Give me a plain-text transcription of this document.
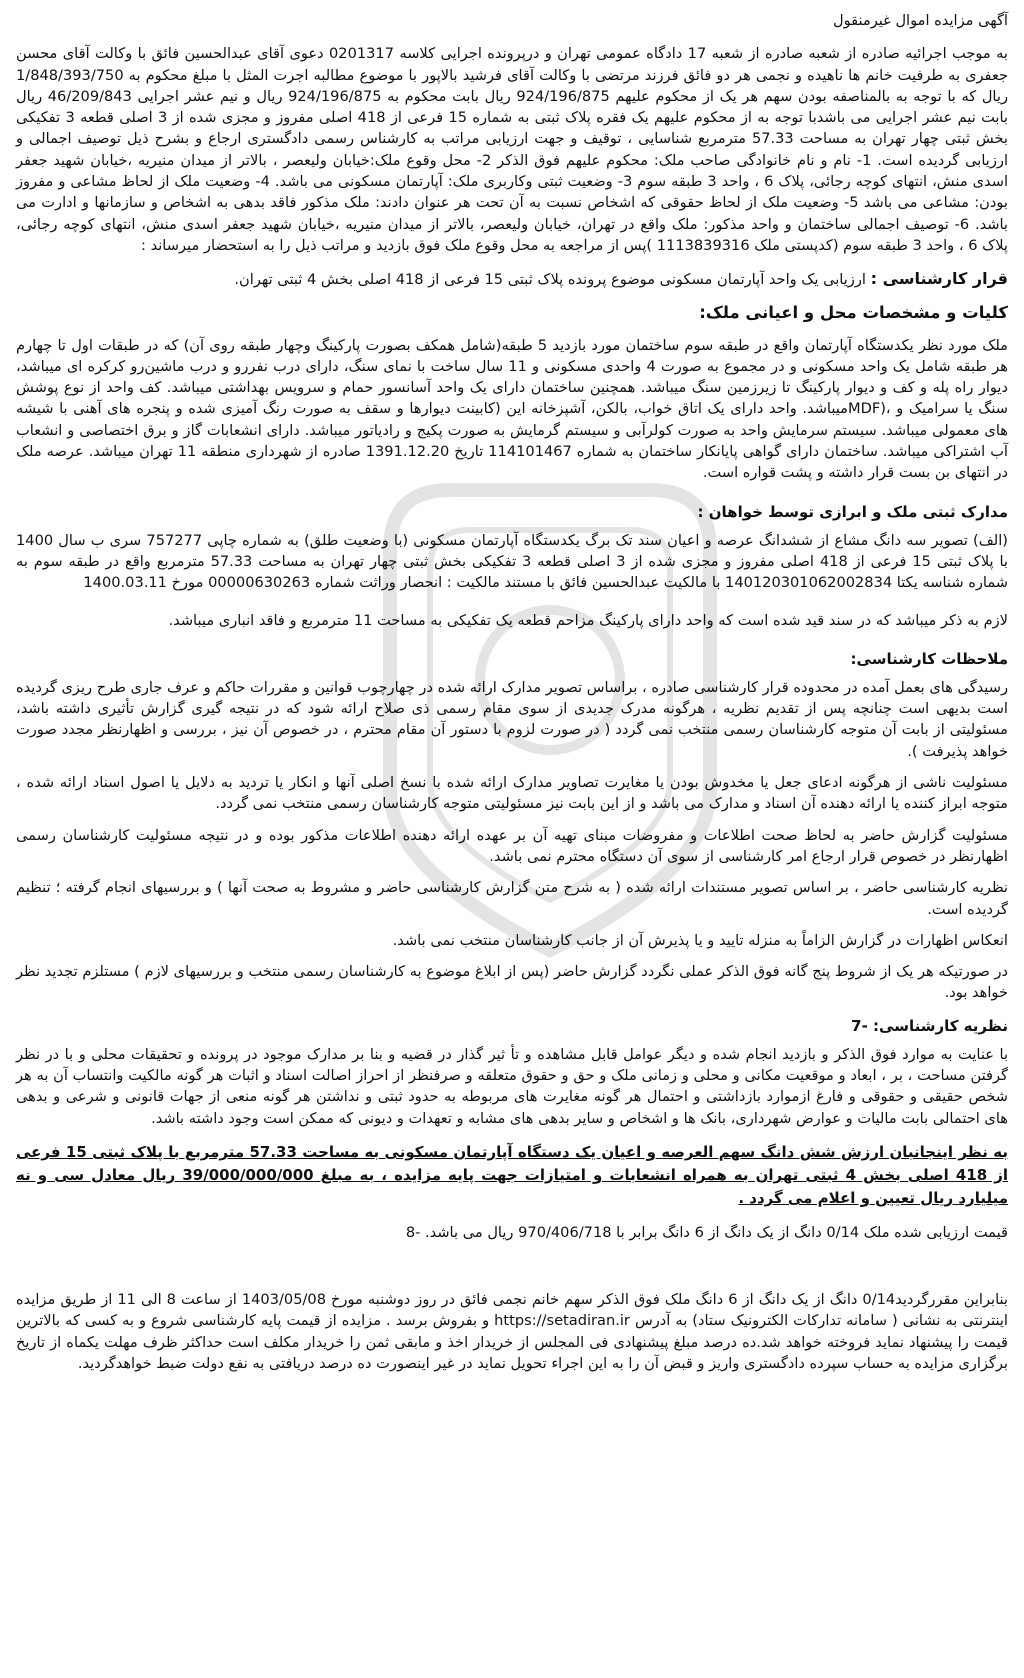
آگهی مزایده اموال غیرمنقول

به موجب اجرائیه صادره از شعبه صادره از شعبه 17 دادگاه عمومی تهران و درپرونده اجرایی کلاسه 0201317 دعوی آقای عبدالحسین فائق با وکالت آقای محسن جعفری به طرفیت خانم ها ناهیده و نجمی هر دو فائق فرزند مرتضی با وکالت آقای فرشید بالاپور با موضوع مطالبه اجرت المثل با مبلغ محکوم به 1/848/393/750 ریال که با توجه به بالمناصفه بودن سهم هر یک از محکوم علیهم 924/196/875 ریال بابت محکوم به 924/196/875 ریال و نیم عشر اجرایی 46/209/843 ریال بابت نیم عشر اجرایی می باشدبا توجه به از محکوم علیهم یک فقره پلاک ثبتی به شماره 15 فرعی از 418 اصلی مفروز و مجزی شده از 3 اصلی قطعه 3 تفکیکی بخش ثبتی چهار تهران به مساحت 57.33 مترمربع شناسایی ، توقیف و جهت ارزیابی مراتب به کارشناس رسمی دادگستری ارجاع و بشرح ذیل توصیف اجمالی و ارزیابی گردیده است. 1- نام و نام خانوادگی صاحب ملک: محکوم علیهم فوق الذکر 2- محل وقوع ملک:خیابان ولیعصر ، بالاتر از میدان منیریه ،خیابان شهید جعفر اسدی منش، انتهای کوچه رجائی، پلاک 6 ، واحد 3 طبقه سوم 3- وضعیت ثبتی وکاربری ملک: آپارتمان مسکونی می باشد. 4- وضعیت ملک از لحاظ مشاعی و مفروز بودن: مشاعی می باشد 5- وضعیت ملک از لحاظ حقوقی که اشخاص نسبت به آن تحت هر عنوان دادند: ملک مذکور فاقد بدهی به اشخاص و سازمانها و ادارت می باشد. 6- توصیف اجمالی ساختمان و واحد مذکور: ملک واقع در تهران، خیابان ولیعصر، بالاتر از میدان منیریه ،خیابان شهید جعفر اسدی منش، انتهای کوچه رجائی، پلاک 6 ، واحد 3 طبقه سوم (کدپستی ملک 1113839316 )پس از مراجعه به محل وقوع ملک فوق بازدید و مراتب ذیل را به استحضار میرساند :

قرار کارشناسی : ارزیابی یک واحد آپارتمان مسکونی موضوع پرونده پلاک ثبتی 15 فرعی از 418 اصلی بخش 4 ثبتی تهران.

کلیات و مشخصات محل و اعیانی ملک:

ملک مورد نظر یکدستگاه آپارتمان واقع در طبقه سوم ساختمان مورد بازدید 5 طبقه(شامل همکف بصورت پارکینگ وچهار طبقه روی آن) که در طبقات اول تا چهارم هر طبقه شامل یک واحد مسکونی و در مجموع به صورت 4 واحدی مسکونی و 11 سال ساخت با نمای سنگ، دارای درب نفررو و درب ماشین‌رو کرکره ای میباشد، دیوار راه پله و کف و دیوار پارکینگ تا زیرزمین سنگ میباشد. همچنین ساختمان دارای یک واحد آسانسور حمام و سرویس بهداشتی میباشد. کف واحد از نوع پوشش سنگ یا سرامیک و ،(MDFمیباشد. واحد دارای یک اتاق خواب، بالکن، آشپزخانه این (کابینت دیوارها و سقف به صورت رنگ آمیزی شده و پنجره های آهنی با شیشه های معمولی میباشد. سیستم سرمایش واحد به صورت کولرآبی و سیستم گرمایش به صورت پکیج و رادیاتور میباشد. دارای انشعابات گاز و برق اختصاصی و انشعاب آب اشتراکی میباشد. ساختمان دارای گواهی پایانکار ساختمان به شماره 114101467 تاریخ 1391.12.20 صادره از شهرداری منطقه 11 تهران میباشد. عرصه ملک در انتهای بن بست قرار داشته و پشت قواره است.

مدارک ثبتی ملک و ابرازی توسط خواهان :

(الف) تصویر سه دانگ مشاع از ششدانگ عرصه و اعیان سند تک برگ یکدستگاه آپارتمان مسکونی (با وضعیت طلق) به شماره چاپی 757277 سری ب سال 1400 با پلاک ثبتی 15 فرعی از 418 اصلی مفروز و مجزی شده از 3 اصلی قطعه 3 تفکیکی بخش ثبتی چهار تهران به مساحت 57.33 مترمربع واقع در طبقه سوم به شماره شناسه یکتا 140120301062002834 با مالکیت عبدالحسین فائق با مستند مالکیت : انحصار وراثت شماره 00000630263 مورخ 1400.03.11

لازم به ذکر میباشد که در سند قید شده است که واحد دارای پارکینگ مزاحم قطعه یک تفکیکی به مساحت 11 مترمربع و فاقد انباری میباشد.

ملاحظات کارشناسی:

رسیدگی های بعمل آمده در محدوده قرار کارشناسی صادره ، براساس تصویر مدارک ارائه شده در چهارچوب قوانین و مقررات حاکم و عرف جاری طرح ریزی گردیده است بدیهی است چنانچه پس از تقدیم نظریه ، هرگونه مدرک جدیدی از سوی مقام رسمی ذی صلاح ارائه شود که در نتیجه گیری گزارش تأثیری داشته باشد، مسئولیتی از بابت آن متوجه کارشناسان رسمی منتخب نمی گردد ( در صورت لزوم با دستور آن مقام محترم ، در خصوص آن نیز ، بررسی و اظهارنظر مجدد صورت خواهد پذیرفت ).

مسئولیت ناشی از هرگونه ادعای جعل یا مخدوش بودن یا مغایرت تصاویر مدارک ارائه شده با نسخ اصلی آنها و انکار یا تردید به دلایل یا اصول اسناد ارائه شده ، متوجه ابراز کننده یا ارائه دهنده آن اسناد و مدارک می باشد و از این بابت نیز مسئولیتی متوجه کارشناسان رسمی منتخب نمی گردد.

مسئولیت گزارش حاضر به لحاظ صحت اطلاعات و مفروضات مبنای تهیه آن بر عهده ارائه دهنده اطلاعات مذکور بوده و در نتیجه مسئولیت کارشناسان رسمی اظهارنظر در خصوص قرار ارجاع امر کارشناسی از سوی آن دستگاه محترم نمی باشد.

نظریه کارشناسی حاضر ، بر اساس تصویر مستندات ارائه شده ( به شرح متن گزارش کارشناسی حاضر و مشروط به صحت آنها ) و بررسیهای انجام گرفته ؛ تنظیم گردیده است.

انعکاس اظهارات در گزارش الزاماً به منزله تایید و یا پذیرش آن از جانب کارشناسان منتخب نمی باشد.

در صورتیکه هر یک از شروط پنج گانه فوق الذکر عملی نگردد گزارش حاضر (پس از ابلاغ موضوع به کارشناسان رسمی منتخب و بررسیهای لازم ) مستلزم تجدید نظر خواهد بود.

نظریه کارشناسی: -7

با عنایت به موارد فوق الذکر و بازدید انجام شده و دیگر عوامل قابل مشاهده و تأ ثیر گذار در قضیه و بنا بر مدارک موجود در پرونده و تحقیقات محلی و با در نظر گرفتن مساحت ، بر ، ابعاد و موقعیت مکانی و محلی و زمانی ملک و حق و حقوق متعلقه و صرفنظر از احراز اصالت اسناد و اثبات هر گونه مالکیت وانتساب آن به هر شخص حقیقی و حقوقی و فارغ ازموارد بازداشتی و احتمال هر گونه مغایرت های مربوطه به حدود ثبتی و نداشتن هر گونه منعی از جهات قانونی و شرعی و بدهی های احتمالی بابت مالیات و عوارض شهرداری، بانک ها و اشخاص و سایر بدهی های مشابه و تعهدات و دیونی که ممکن است وجود داشته باشد.

به نظر اینجانبان ارزش شش دانگ سهم العرصه و اعیان یک دستگاه آپارتمان مسکونی به مساحت 57.33 مترمربع با پلاک ثبتی 15 فرعی از 418 اصلی بخش 4 ثبتی تهران به همراه انشعابات و امتیازات جهت پایه مزایده ، به مبلغ 39/000/000/000 ریال معادل سی و نه میلیارد ریال تعیین و اعلام می گردد .

قیمت ارزیابی شده ملک 0/14 دانگ از یک دانگ از 6 دانگ برابر با 970/406/718 ریال می باشد. -8

بنابراین مقررگردید0/14 دانگ از یک دانگ از 6 دانگ ملک فوق الذکر سهم خانم نجمی فائق در روز دوشنبه مورخ 1403/05/08 از ساعت 8 الی 11 از طریق مزایده اینترنتی به نشانی ( سامانه تدارکات الکترونیک ستاد) به آدرس https://setadiran.ir و بفروش برسد . مزایده از قیمت پایه کارشناسی شروع و به کسی که بالاترین قیمت را پیشنهاد نماید فروخته خواهد شد.ده درصد مبلغ پیشنهادی فی المجلس از خریدار اخذ و مابقی ثمن را خریدار مکلف است حداکثر ظرف مهلت یکماه از تاریخ برگزاری مزایده به حساب سپرده دادگستری واریز و قبض آن را به این اجراء تحویل نماید در غیر اینصورت ده درصد دریافتی به نفع دولت ضبط خواهدگردید.
